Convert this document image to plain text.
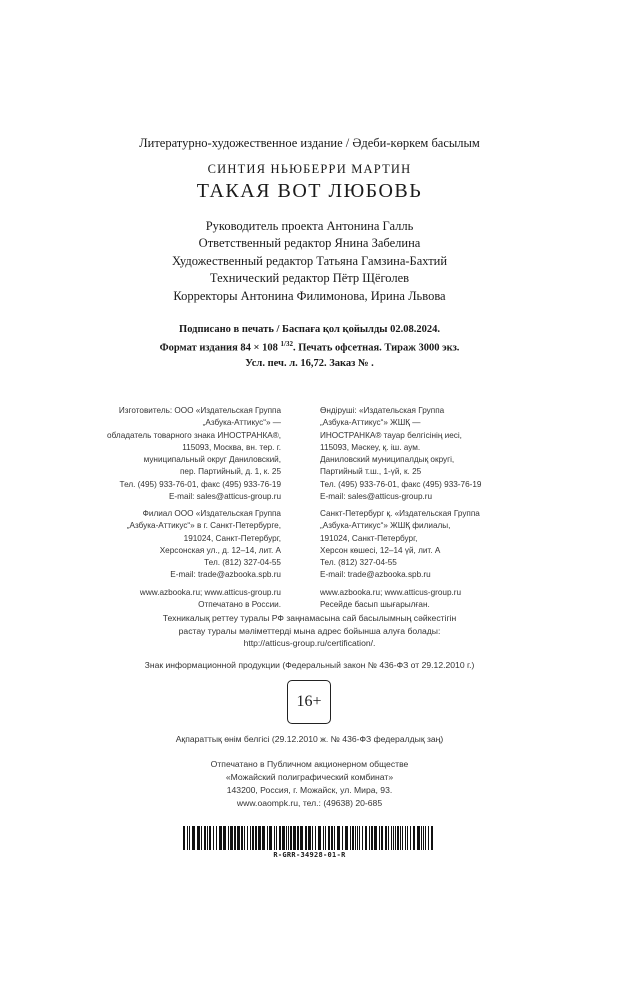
Литературно-художественное издание / Әдеби-көркем басылым
СИНТИЯ НЬЮБЕРРИ МАРТИН
ТАКАЯ ВОТ ЛЮБОВЬ
Руководитель проекта Антонина Галль
Ответственный редактор Янина Забелина
Художественный редактор Татьяна Гамзина-Бахтий
Технический редактор Пётр Щёголев
Корректоры Антонина Филимонова, Ирина Львова
Подписано в печать / Баспаға қол қойылды 02.08.2024.
Формат издания 84 × 108 $^{1/32}$. Печать офсетная. Тираж 3000 экз.
Усл. печ. л. 16,72. Заказ № .
Изготовитель: ООО «Издательская Группа
„Азбука-Аттикус“» —
обладатель товарного знака ИНОСТРАНКА®,
115093, Москва, вн. тер. г.
муниципальный округ Даниловский,
пер. Партийный, д. 1, к. 25
Тел. (495) 933-76-01, факс (495) 933-76-19
E-mail: sales@atticus-group.ru
Өндіруші: «Издательская Группа
„Азбука-Аттикус“» ЖШҚ —
ИНОСТРАНКА® тауар белгісінің иесі,
115093, Мәскеу, қ. іш. аум.
Даниловский муниципалдық округі,
Партийный т.ш., 1-үй, к. 25
Тел. (495) 933-76-01, факс (495) 933-76-19
E-mail: sales@atticus-group.ru
Филиал ООО «Издательская Группа
„Азбука-Аттикус“» в г. Санкт-Петербурге,
191024, Санкт-Петербург,
Херсонская ул., д. 12–14, лит. А
Тел. (812) 327-04-55
E-mail: trade@azbooka.spb.ru
Санкт-Петербург қ. «Издательская Группа
„Азбука-Аттикус“» ЖШҚ филиалы,
191024, Санкт-Петербург,
Херсон көшесі, 12–14 үй, лит. А
Тел. (812) 327-04-55
E-mail: trade@azbooka.spb.ru
www.azbooka.ru; www.atticus-group.ru
Отпечатано в России.
www.azbooka.ru; www.atticus-group.ru
Ресейде басып шығарылған.
Техникалық реттеу туралы РФ заңнамасына сай басылымның сәйкестігін
растау туралы мәліметтерді мына адрес бойынша алуға болады:
http://atticus-group.ru/certification/.
Знак информационной продукции (Федеральный закон № 436-ФЗ от 29.12.2010 г.)
16+
Ақпараттық өнім белгісі (29.12.2010 ж. № 436-ФЗ федералдық заң)
Отпечатано в Публичном акционерном обществе
«Можайский полиграфический комбинат»
143200, Россия, г. Можайск, ул. Мира, 93.
www.oaompk.ru, тел.: (49638) 20-685
R-GRR-34928-01-R
